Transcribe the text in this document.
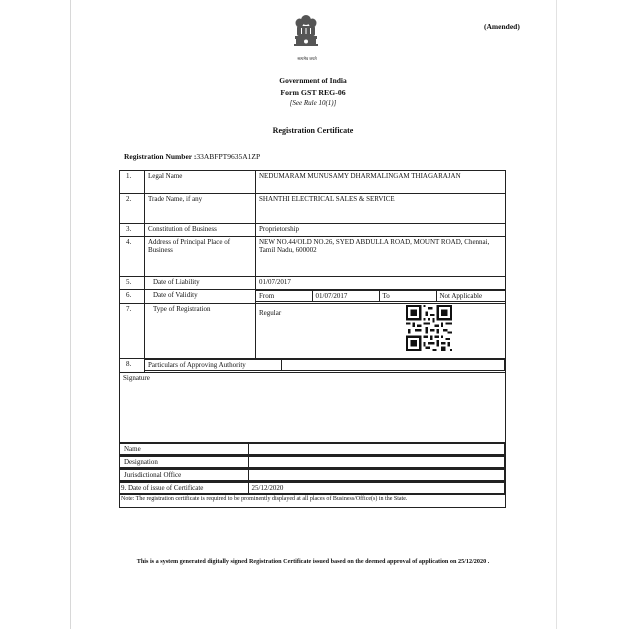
(Amended)
सत्यमेव जयते
Government of India
Form GST REG-06
[See Rule 10(1)]
Registration Certificate
Registration Number :33ABFPT9635A1ZP
1.	Legal Name	NEDUMARAM MUNUSAMY DHARMALINGAM THIAGARAJAN
2.	Trade Name, if any	SHANTHI ELECTRICAL SALES & SERVICE
3.	Constitution of Business	Proprietorship
4.	Address of Principal Place of Business	NEW NO.44/OLD NO.26, SYED ABDULLA ROAD, MOUNT ROAD, Chennai, Tamil Nadu, 600002
5.	Date of Liability	01/07/2017
6.	Date of Validity		From	01/07/2017	To	Not Applicable

7.	Type of Registration	Regular

8.	Particulars of Approving Authority	

Signature

Name	

Designation	

Jurisdictional Office	

9. Date of issue of Certificate	25/12/2020

Note: The registration certificate is required to be prominently displayed at all places of Business/Office(s) in the State.
This is a system generated digitally signed Registration Certificate issued based on the deemed approval of application on 25/12/2020 .
